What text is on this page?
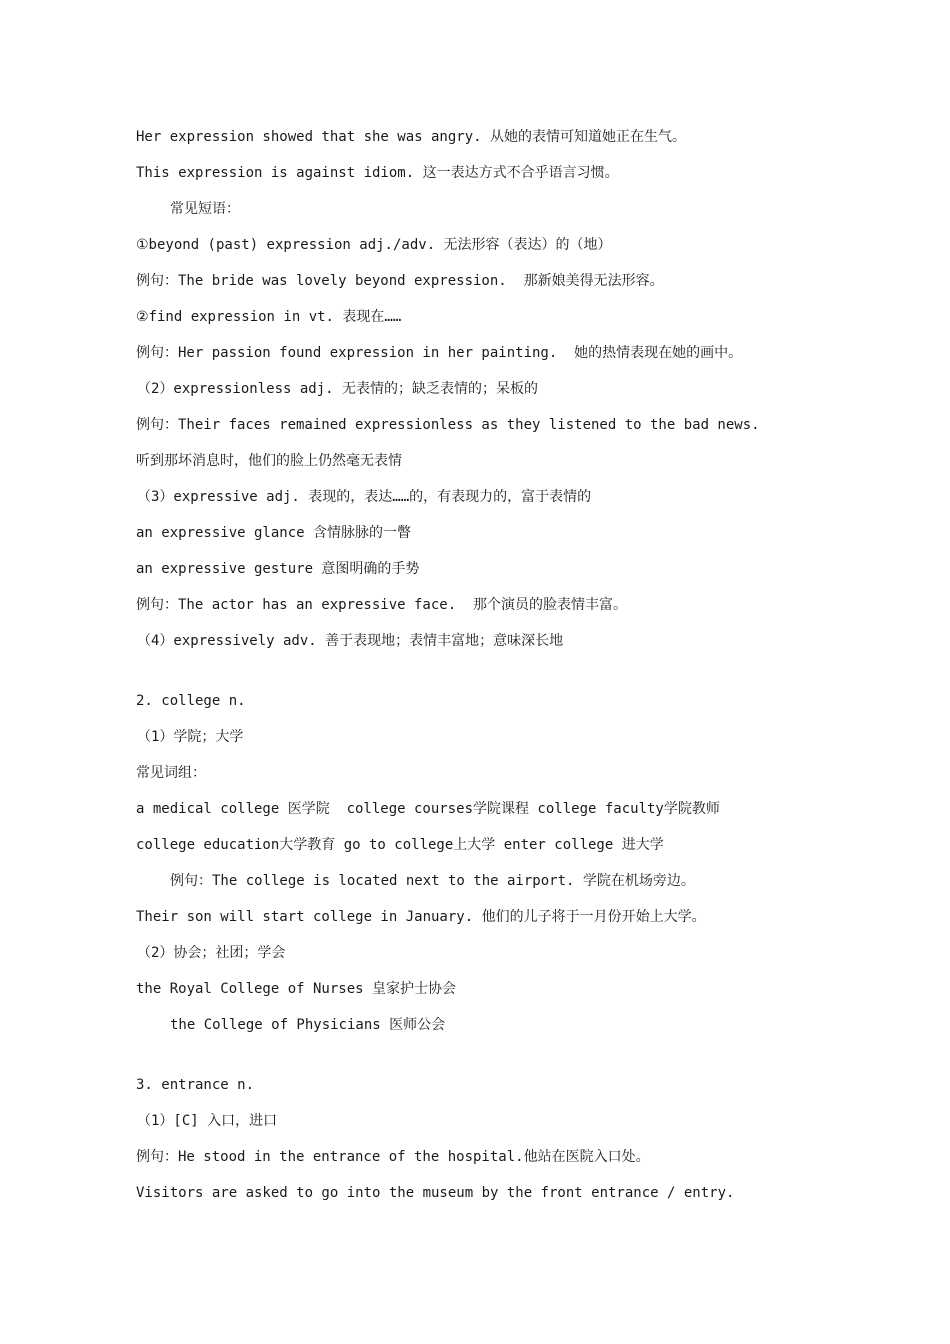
Her expression showed that she was angry. 从她的表情可知道她正在生气。
This expression is against idiom. 这一表达方式不合乎语言习惯。
常见短语：
①beyond (past) expression adj./adv. 无法形容（表达）的（地）
例句：The bride was lovely beyond expression.  那新娘美得无法形容。
②find expression in vt. 表现在……
例句：Her passion found expression in her painting.  她的热情表现在她的画中。
（2）expressionless adj. 无表情的；缺乏表情的；呆板的
例句：Their faces remained expressionless as they listened to the bad news.
听到那坏消息时，他们的脸上仍然毫无表情
（3）expressive adj. 表现的，表达……的，有表现力的，富于表情的
an expressive glance 含情脉脉的一瞥
an expressive gesture 意图明确的手势
例句：The actor has an expressive face.  那个演员的脸表情丰富。
（4）expressively adv. 善于表现地；表情丰富地；意味深长地
2. college n.
（1）学院；大学
常见词组：
a medical college 医学院  college courses学院课程 college faculty学院教师
college education大学教育 go to college上大学 enter college 进大学
例句：The college is located next to the airport. 学院在机场旁边。
Their son will start college in January. 他们的儿子将于一月份开始上大学。
（2）协会；社团；学会
the Royal College of Nurses 皇家护士协会
the College of Physicians 医师公会
3. entrance n.
（1）[C] 入口，进口
例句：He stood in the entrance of the hospital.他站在医院入口处。
Visitors are asked to go into the museum by the front entrance / entry.
